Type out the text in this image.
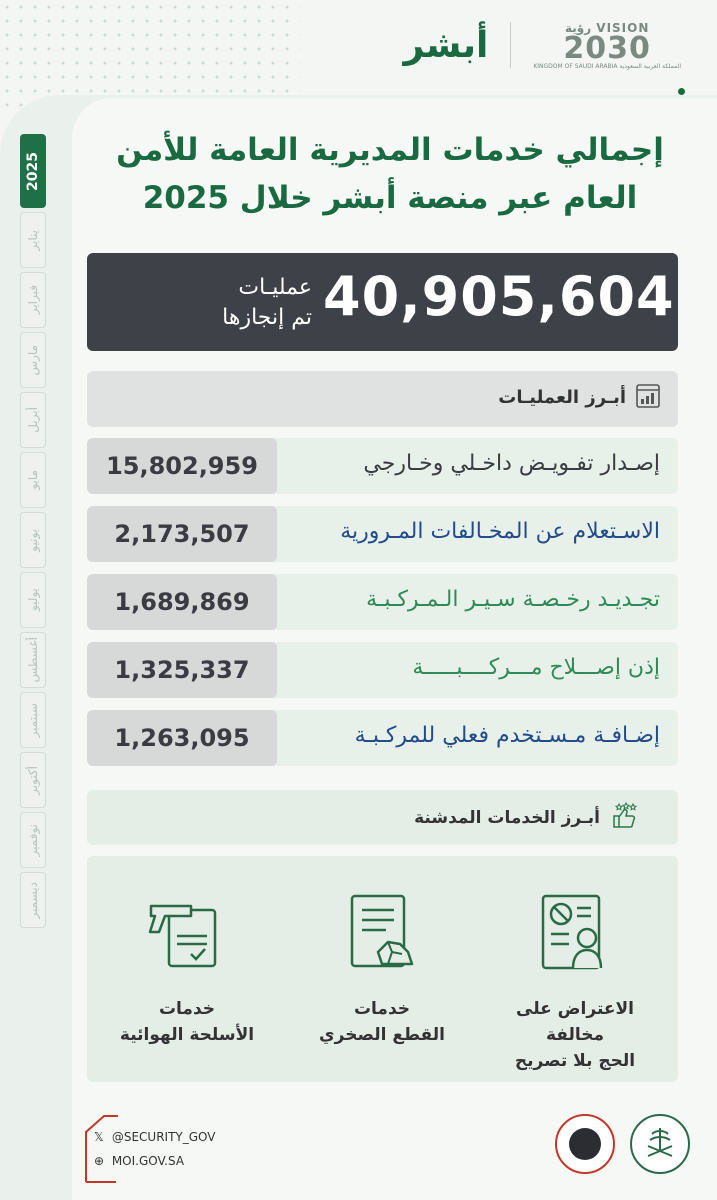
VISION رؤية
2030
المملكة العربية السعودية KINGDOM OF SAUDI ARABIA
أبشر
2025
يناير
فبراير
مارس
أبريل
مايو
يونيو
يوليو
أغسطس
سبتمبر
أكتوبر
نوفمبر
ديسمبر
إجمالي خدمات المديرية العامة للأمن
العام عبر منصة أبشر خلال 2025
40,905,604
عمليـات
تم إنجازها
أبـرز العمليـات
15,802,959	إصـدار تفـويـض داخـلي وخـارجي
2,173,507	الاسـتعلام عن المخـالفات المـرورية
1,689,869	تجـديـد رخـصـة سـيـر الـمـركـبـة
1,325,337	إذن إصـــلاح مـــركــــبـــــة
1,263,095	إضـافـة مـسـتخدم فعلي للمركـبـة
أبـرز الخدمات المدشنة
خدمات
الأسلحة الهوائية
خدمات
القطع الصخري
الاعتراض على مخالفة
الحج بلا تصريح
𝕏 @SECURITY_GOV
⊕ MOI.GOV.SA
